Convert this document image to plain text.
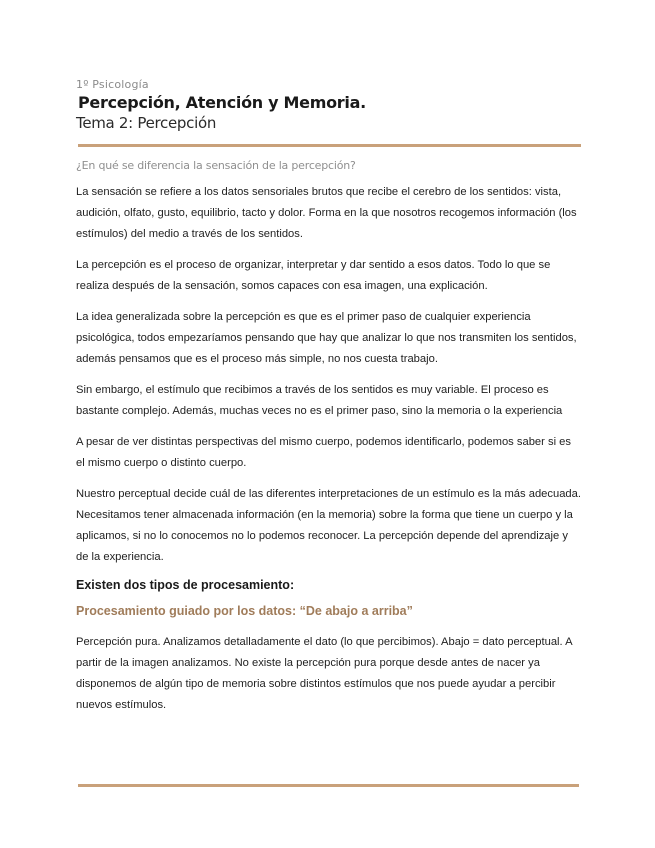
1º Psicología
Percepción, Atención y Memoria.
Tema 2: Percepción
¿En qué se diferencia la sensación de la percepción?

La sensación se refiere a los datos sensoriales brutos que recibe el cerebro de los sentidos: vista, audición, olfato, gusto, equilibrio, tacto y dolor. Forma en la que nosotros recogemos información (los estímulos) del medio a través de los sentidos.

La percepción es el proceso de organizar, interpretar y dar sentido a esos datos. Todo lo que se realiza después de la sensación, somos capaces con esa imagen, una explicación.

La idea generalizada sobre la percepción es que es el primer paso de cualquier experiencia psicológica, todos empezaríamos pensando que hay que analizar lo que nos transmiten los sentidos, además pensamos que es el proceso más simple, no nos cuesta trabajo.

Sin embargo, el estímulo que recibimos a través de los sentidos es muy variable. El proceso es bastante complejo. Además, muchas veces no es el primer paso, sino la memoria o la experiencia

A pesar de ver distintas perspectivas del mismo cuerpo, podemos identificarlo, podemos saber si es el mismo cuerpo o distinto cuerpo.

Nuestro perceptual decide cuál de las diferentes interpretaciones de un estímulo es la más adecuada. Necesitamos tener almacenada información (en la memoria) sobre la forma que tiene un cuerpo y la aplicamos, si no lo conocemos no lo podemos reconocer. La percepción depende del aprendizaje y de la experiencia.

Existen dos tipos de procesamiento:
Procesamiento guiado por los datos: “De abajo a arriba”

Percepción pura. Analizamos detalladamente el dato (lo que percibimos). Abajo = dato perceptual. A partir de la imagen analizamos. No existe la percepción pura porque desde antes de nacer ya disponemos de algún tipo de memoria sobre distintos estímulos que nos puede ayudar a percibir nuevos estímulos.
